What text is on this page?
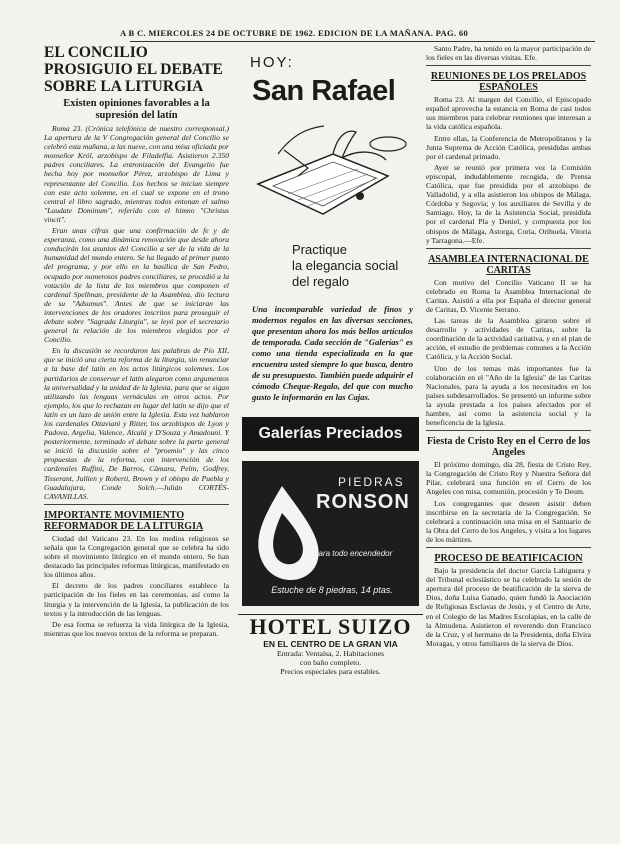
A B C. MIERCOLES 24 DE OCTUBRE DE 1962. EDICION DE LA MAÑANA. PAG. 60
EL CONCILIO PROSIGUIO EL DEBATE SOBRE LA LITURGIA
Existen opiniones favorables a la supresión del latín

Roma 23. (Crónica telefónica de nuestro corresponsal.) La apertura de la V Congregación general del Concilio se celebró esta mañana, a las nueve, con una misa oficiada por monseñor Król, arzobispo de Filadelfia. Asistieron 2.350 padres conciliares. La entronización del Evangelio fue hecha hoy por monseñor Pérez, arzobispo de Lima y representante del Concilio. Los hechos se inician siempre con este acto solemne, en el cual se expone en el trono central el libro sagrado, mientras todos entonan el salmo "Laudate Dominum", referido con el himno "Christus vincit".

Eran unas cifras que una confirmación de fe y de esperanza, como una dinámica renovación que desde ahora conducirán los asuntos del Concilio a ser de la vida de la humanidad del mundo entero. Se ha llegado al primer punto del programa, y por ello en la basílica de San Pedro, ocupado por numerosos padres conciliares, se procedió a la votación de la lista de los miembros que componen el cardenal Spellman, presidente de la Asamblea, dio lectura de su "Adsumus". Antes de que se iniciaran las intervenciones de los oradores inscritos para proseguir el debate sobre "Sagrada Liturgia", se leyó por el secretario general la relación de los miembros elegidos por el Concilio.

En la discusión se recordaron las palabras de Pío XII, que se inició una cierta reforma de la liturgia, sin renunciar a la base del latín en los actos litúrgicos solemnes. Los partidarios de conservar el latín alegaron como argumentos la universalidad y la unidad de la Iglesia, para que se sigan utilizando las lenguas vernáculas en otros actos. Por ejemplo, los que lo rechazan en lugar del latín se dijo que el latín es un lazo de unión entre la Iglesia. Esta vez hablaron los cardenales Ottaviani y Ritter, los arzobispos de Lyon y Padova, Argelia, Valence, Alcalá y D'Souza y Amadouni. Y posteriormente, terminado el debate sobre la parte general se inició la discusión sobre el "proemio" y las cinco propuestas de la reforma, con intervención de los cardenales Ruffini, De Barros, Câmara, Pelin, Godfrey, Tisserant, Jullien y Roberti, Brown y el obispo de Puebla y Guadalajara, Conde Solch.—Julián CORTÉS-CAVANILLAS.

IMPORTANTE MOVIMIENTO REFORMADOR DE LA LITURGIA

Ciudad del Vaticano 23. En los medios religiosos se señala que la Congregación general que se celebra ha sido sobre el movimiento litúrgico en el mundo entero. Se han destacado las principales reformas litúrgicas, manifestado en los últimos años.

El decreto de los padres conciliares establece la participación de los fieles en las ceremonias, así como la liturgia y la intervención de la Iglesia, la publicación de los textos y la introducción de las lenguas.

De esa forma se refuerza la vida litúrgica de la Iglesia, mientras que los nuevos textos de la reforma se preparan.

HOY:
San Rafael
Practique
la elegancia social
del regalo
Una incomparable variedad de finos y modernos regalos en las diversas secciones, que presentan ahora los más bellos artículos de temporada. Cada sección de "Galerías" es como una tienda especializada en la que encuentra usted siempre lo que busca, dentro de su presupuesto. También puede adquirir el cómodo Cheque-Regalo, del que con mucho gusto le informarán en las Cajas.
Galerías Preciados
PIEDRAS
RONSON
para todo encendedor
Estuche de 8 piedras, 14 ptas.
HOTEL SUIZO
EN EL CENTRO DE LA GRAN VIA
Entrada: Ventalsa, 2. Habitaciones
con baño completo.
Precios especiales para estables.

Santo Padre, ha tenido en la mayor participación de los fieles en las diversas visitas. Efe.

REUNIONES DE LOS PRELADOS ESPAÑOLES

Roma 23. Al margen del Concilio, el Episcopado español aprovecha la estancia en Roma de casi todos sus miembros para celebrar reuniones que interesan a la vida católica española.

Entre ellas, la Conferencia de Metropolitanos y la Junta Suprema de Acción Católica, presididas ambas por el cardenal primado.

Ayer se reunió por primera vez la Comisión episcopal, indudablemente recogida, de Prensa Católica, que fue presidida por el arzobispo de Valladolid, y a ella asistieron los obispos de Málaga, Córdoba y Segovia; y los auxiliares de Sevilla y de Santiago. Hoy, la de la Asistencia Social, presidida por el cardenal Pla y Deniel, y compuesta por los obispos de Málaga, Astorga, Coria, Orihuela, Vitoria y Tarragona.—Efe.

ASAMBLEA INTERNACIONAL DE CARITAS

Con motivo del Concilio Vaticano II se ha celebrado en Roma la Asamblea Internacional de Caritas. Asistió a ella por España el director general de Caritas, D. Vicente Serrano.

Las tareas de la Asamblea giraron sobre el desarrollo y actividades de Caritas, sobre la coordinación de la actividad caritativa, y en el plan de acción, el estudio de problemas comunes a la Acción Católica, y la Acción Social.

Uno de los temas más importantes fue la colaboración en el "Año de la Iglesia" de las Caritas Nacionales, para la ayuda a los necesitados en los países subdesarrollados. Se presentó un informe sobre la ayuda prestada a los países afectados por el hambre, así como la asistencia social y la beneficencia de la Iglesia.

Fiesta de Cristo Rey en el Cerro de los Angeles

El próximo domingo, día 28, fiesta de Cristo Rey, la Congregación de Cristo Rey y Nuestra Señora del Pilar, celebrará una función en el Cerro de los Angeles con misa, comunión, procesión y Te Deum.

Los congregantes que deseen asistir deben inscribirse en la secretaría de la Congregación. Se celebrará a continuación una misa en el Santuario de la Obra del Cerro de los Angeles, y visita a los lugares de los mártires.

PROCESO DE BEATIFICACION

Bajo la presidencia del doctor García Lahiguera y del Tribunal eclesiástico se ha celebrado la sesión de apertura del proceso de beatificación de la sierva de Dios, doña Luisa Ganado, quien fundó la Asociación de Religiosas Esclavas de Jesús, y el Centro de Arte, en el Colegio de las Madres Escolapias, en la calle de la Almudena. Asistieron el reverendo don Francisco de la Cruz, y el hermano de la Presidenta, doña Elvira Moragas, y otros familiares de la sierva de Dios.
